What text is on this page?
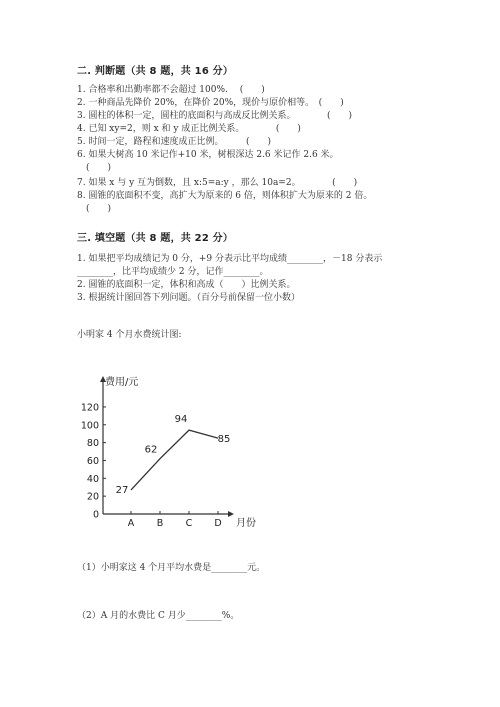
二. 判断题（共 8 题，共 16 分）
1. 合格率和出勤率都不会超过 100%.　 (　　)
2. 一种商品先降价 20%，在降价 20%，现价与原价相等。　(　　)
3. 圆柱的体积一定，圆柱的底面积与高成反比例关系。　　　　(　　)
4. 已知 xy=2，则 x 和 y 成正比例关系。　　　　(　　)
5. 时间一定，路程和速度成正比例。　　　(　　)
6. 如果大树高 10 米记作+10 米，树根深达 2.6 米记作 2.6 米。
　(　　)
7. 如果 x 与 y 互为倒数，且 x:5=a:y ，那么 10a=2。　　　　(　　)
8. 圆锥的底面积不变，高扩大为原来的 6 倍，则体积扩大为原来的 2 倍。
　(　　)
三. 填空题（共 8 题，共 22 分）
1. 如果把平均成绩记为 0 分，+9 分表示比平均成绩________，－18 分表示
________，比平均成绩少 2 分，记作________。
2. 圆锥的底面积一定，体积和高成（　　）比例关系。
3. 根据统计图回答下列问题。（百分号前保留一位小数）
小明家 4 个月水费统计图:
费用/元
月份
0
20
40
60
80
100
120
A B C D
27
62
94
85
（1）小明家这 4 个月平均水费是________元。
（2）A 月的水费比 C 月少________%。
